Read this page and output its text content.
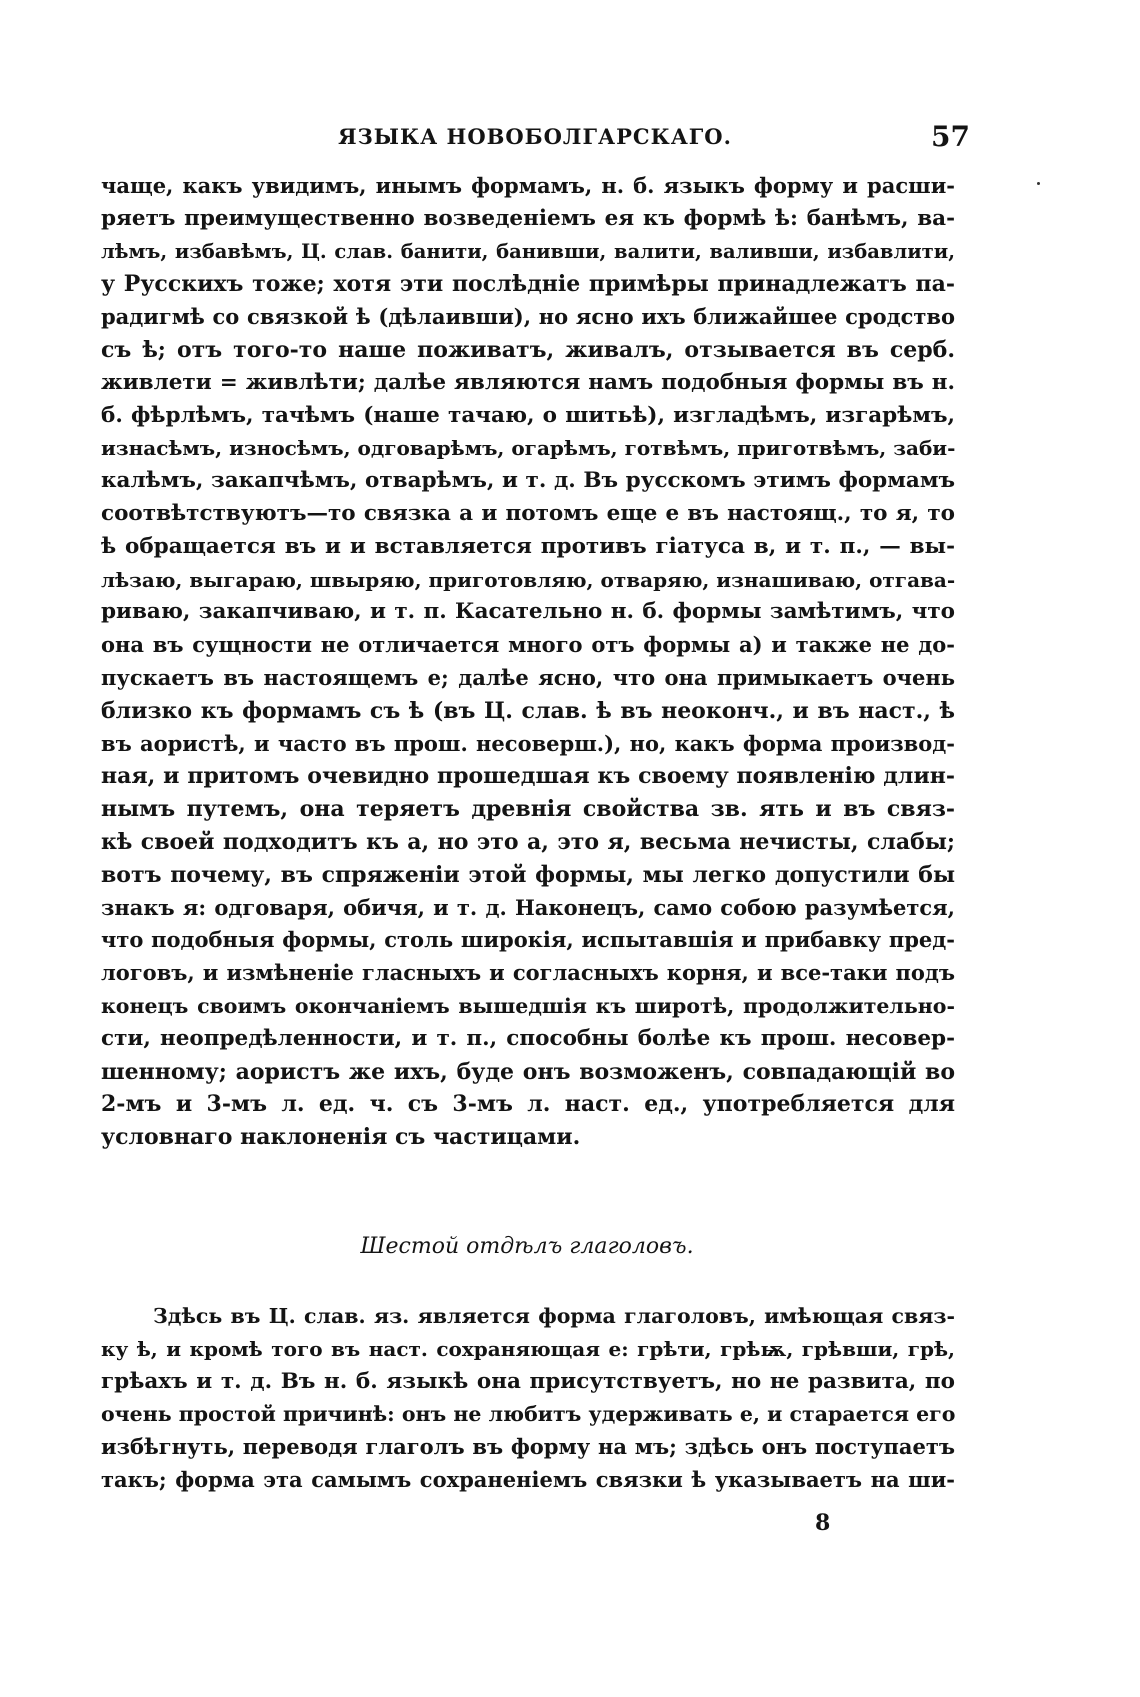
ЯЗЫКА НОВОБОЛГАРСКАГО.	57
чаще, какъ увидимъ, инымъ формамъ, н. б. языкъ форму и расши-
ряетъ преимущественно возведенiемъ ея къ формѣ ѣ: банѣмъ, ва-
лѣмъ, избавѣмъ, Ц. слав. банити, банивши, валити, валивши, избавлити,
у Русскихъ тоже; хотя эти послѣднiе примѣры принадлежатъ па-
радигмѣ со связкой ѣ (дѣлаивши), но ясно ихъ ближайшее сродство
съ ѣ; отъ того-то наше поживатъ, живалъ, отзывается въ серб.
живлети = живлѣти; далѣе являются намъ подобныя формы въ н.
б. фѣрлѣмъ, тачѣмъ (наше тачаю, о шитьѣ), изгладѣмъ, изгарѣмъ,
изнасѣмъ, износѣмъ, одговарѣмъ, огарѣмъ, готвѣмъ, приготвѣмъ, заби-
калѣмъ, закапчѣмъ, отварѣмъ, и т. д. Въ русскомъ этимъ формамъ
соотвѣтствуютъ—то связка а и потомъ еще е въ настоящ., то я, то
ѣ обращается въ и и вставляется противъ гiатуса в, и т. п., — вы-
лѣзаю, выгараю, швыряю, приготовляю, отваряю, изнашиваю, отгава-
риваю, закапчиваю, и т. п. Касательно н. б. формы замѣтимъ, что
она въ сущности не отличается много отъ формы а) и также не до-
пускаетъ въ настоящемъ е; далѣе ясно, что она примыкаетъ очень
близко къ формамъ съ ѣ (въ Ц. слав. ѣ въ неоконч., и въ наст., ѣ
въ аористѣ, и часто въ прош. несоверш.), но, какъ форма производ-
ная, и притомъ очевидно прошедшая къ своему появленiю длин-
нымъ путемъ, она теряетъ древнiя свойства зв. ять и въ связ-
кѣ своей подходитъ къ а, но это а, это я, весьма нечисты, слабы;
вотъ почему, въ спряженiи этой формы, мы легко допустили бы
знакъ я: одговаря, обичя, и т. д. Наконецъ, само собою разумѣется,
что подобныя формы, столь широкiя, испытавшiя и прибавку пред-
логовъ, и измѣненiе гласныхъ и согласныхъ корня, и все-таки подъ
конецъ своимъ окончанiемъ вышедшiя къ широтѣ, продолжительно-
сти, неопредѣленности, и т. п., способны болѣе къ прош. несовер-
шенному; аористъ же ихъ, буде онъ возможенъ, совпадающiй во
2-мъ и 3-мъ л. ед. ч. съ 3-мъ л. наст. ед., употребляется для
условнаго наклоненiя съ частицами.
Шестой отдѣлъ глаголовъ.
Здѣсь въ Ц. слав. яз. является форма глаголовъ, имѣющая связ-
ку ѣ, и кромѣ того въ наст. сохраняющая е: грѣти, грѣѭ, грѣвши, грѣ,
грѣахъ и т. д. Въ н. б. языкѣ она присутствуетъ, но не развита, по
очень простой причинѣ: онъ не любитъ удерживать е, и старается его
избѣгнуть, переводя глаголъ въ форму на мъ; здѣсь онъ поступаетъ
такъ; форма эта самымъ сохраненiемъ связки ѣ указываетъ на ши-
8
